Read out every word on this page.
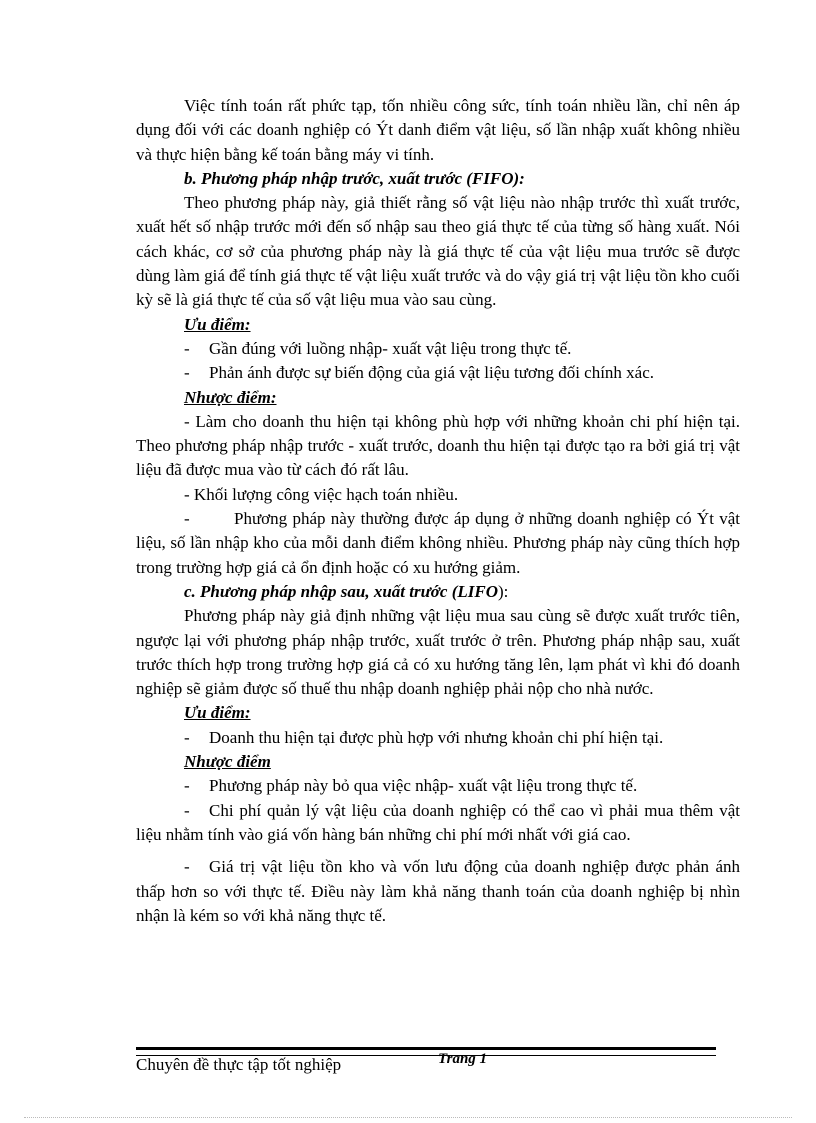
Việc tính toán rất phức tạp, tốn nhiều công sức, tính toán nhiều lần, chỉ nên áp dụng đối với các doanh nghiệp có Ýt danh điểm vật liệu, số lần nhập xuất không nhiều và thực hiện bằng kế toán bằng máy vi tính.

b. Phương pháp nhập trước, xuất trước (FIFO):

Theo phương pháp này, giả thiết rằng số vật liệu nào nhập trước thì xuất trước, xuất hết số nhập trước mới đến số nhập sau theo giá thực tế của từng số hàng xuất. Nói cách khác, cơ sở của phương pháp này là giá thực tế của vật liệu mua trước sẽ được dùng làm giá để tính giá thực tế vật liệu xuất trước và do vậy giá trị vật liệu tồn kho cuối kỳ sẽ là giá thực tế của số vật liệu mua vào sau cùng.

Ưu điểm:

- Gần đúng với luồng nhập- xuất vật liệu trong thực tế.

- Phản ánh được sự biến động của giá vật liệu tương đối chính xác.

Nhược điểm:

- Làm cho doanh thu hiện tại không phù hợp với những khoản chi phí hiện tại. Theo phương pháp nhập trước - xuất trước, doanh thu hiện tại được tạo ra bởi giá trị vật liệu đã được mua vào từ cách đó rất lâu.

- Khối lượng công việc hạch toán nhiều.

-	Phương pháp này thường được áp dụng ở những doanh nghiệp có Ýt vật liệu, số lần nhập kho của mỗi danh điểm không nhiều. Phương pháp này cũng thích hợp trong trường hợp giá cả ổn định hoặc có xu hướng giảm.

c. Phương pháp nhập sau, xuất trước (LIFO):

Phương pháp này giả định những vật liệu mua sau cùng sẽ được xuất trước tiên, ngược lại với phương pháp nhập trước, xuất trước ở trên. Phương pháp nhập sau, xuất trước thích hợp trong trường hợp giá cả có xu hướng tăng lên, lạm phát vì khi đó doanh nghiệp sẽ giảm được số thuế thu nhập doanh nghiệp phải nộp cho nhà nước.

Ưu điểm:

- Doanh thu hiện tại được phù hợp với nhưng khoản chi phí hiện tại.

Nhược điểm

- Phương pháp này bỏ qua việc nhập- xuất vật liệu trong thực tế.

- Chi phí quản lý vật liệu của doanh nghiệp có thể cao vì phải mua thêm vật liệu nhằm tính vào giá vốn hàng bán những chi phí mới nhất với giá cao.

- Giá trị vật liệu tồn kho và vốn lưu động của doanh nghiệp được phản ánh thấp hơn so với thực tế. Điều này làm khả năng thanh toán của doanh nghiệp bị nhìn nhận là kém so với khả năng thực tế.

Chuyên đề thực tập tốt nghiệp	Trang 1
